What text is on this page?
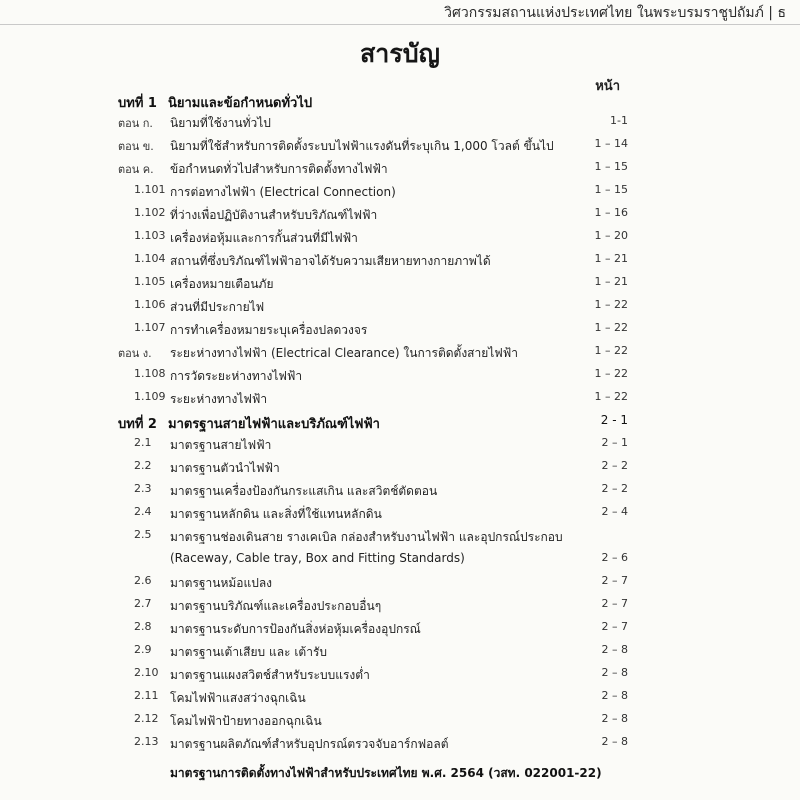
วิศวกรรมสถานแห่งประเทศไทย ในพระบรมราชูปถัมภ์ | ธ
สารบัญ
หน้า
บทที่ 1 นิยามและข้อกำหนดทั่วไป
ตอน ก. นิยามที่ใช้งานทั่วไป	1-1
ตอน ข. นิยามที่ใช้สำหรับการติดตั้งระบบไฟฟ้าแรงดันที่ระบุเกิน 1,000 โวลต์ ขึ้นไป	1 – 14
ตอน ค. ข้อกำหนดทั่วไปสำหรับการติดตั้งทางไฟฟ้า	1 – 15
1.101 การต่อทางไฟฟ้า (Electrical Connection)	1 – 15
1.102 ที่ว่างเพื่อปฏิบัติงานสำหรับบริภัณฑ์ไฟฟ้า	1 – 16
1.103 เครื่องห่อหุ้มและการกั้นส่วนที่มีไฟฟ้า	1 – 20
1.104 สถานที่ซึ่งบริภัณฑ์ไฟฟ้าอาจได้รับความเสียหายทางกายภาพได้	1 – 21
1.105 เครื่องหมายเตือนภัย	1 – 21
1.106 ส่วนที่มีประกายไฟ	1 – 22
1.107 การทำเครื่องหมายระบุเครื่องปลดวงจร	1 – 22
ตอน ง. ระยะห่างทางไฟฟ้า (Electrical Clearance) ในการติดตั้งสายไฟฟ้า	1 – 22
1.108 การวัดระยะห่างทางไฟฟ้า	1 – 22
1.109 ระยะห่างทางไฟฟ้า	1 – 22
บทที่ 2 มาตรฐานสายไฟฟ้าและบริภัณฑ์ไฟฟ้า	2 - 1
2.1 มาตรฐานสายไฟฟ้า	2 – 1
2.2 มาตรฐานตัวนำไฟฟ้า	2 – 2
2.3 มาตรฐานเครื่องป้องกันกระแสเกิน และสวิตช์ตัดตอน	2 – 2
2.4 มาตรฐานหลักดิน และสิ่งที่ใช้แทนหลักดิน	2 – 4
2.5 มาตรฐานช่องเดินสาย รางเคเบิล กล่องสำหรับงานไฟฟ้า และอุปกรณ์ประกอบ
(Raceway, Cable tray, Box and Fitting Standards)	2 – 6
2.6 มาตรฐานหม้อแปลง	2 – 7
2.7 มาตรฐานบริภัณฑ์และเครื่องประกอบอื่นๆ	2 – 7
2.8 มาตรฐานระดับการป้องกันสิ่งห่อหุ้มเครื่องอุปกรณ์	2 – 7
2.9 มาตรฐานเต้าเสียบ และ เต้ารับ	2 – 8
2.10 มาตรฐานแผงสวิตช์สำหรับระบบแรงต่ำ	2 – 8
2.11 โคมไฟฟ้าแสงสว่างฉุกเฉิน	2 – 8
2.12 โคมไฟฟ้าป้ายทางออกฉุกเฉิน	2 – 8
2.13 มาตรฐานผลิตภัณฑ์สำหรับอุปกรณ์ตรวจจับอาร์กฟอลต์	2 – 8
มาตรฐานการติดตั้งทางไฟฟ้าสำหรับประเทศไทย พ.ศ. 2564 (วสท. 022001-22)
